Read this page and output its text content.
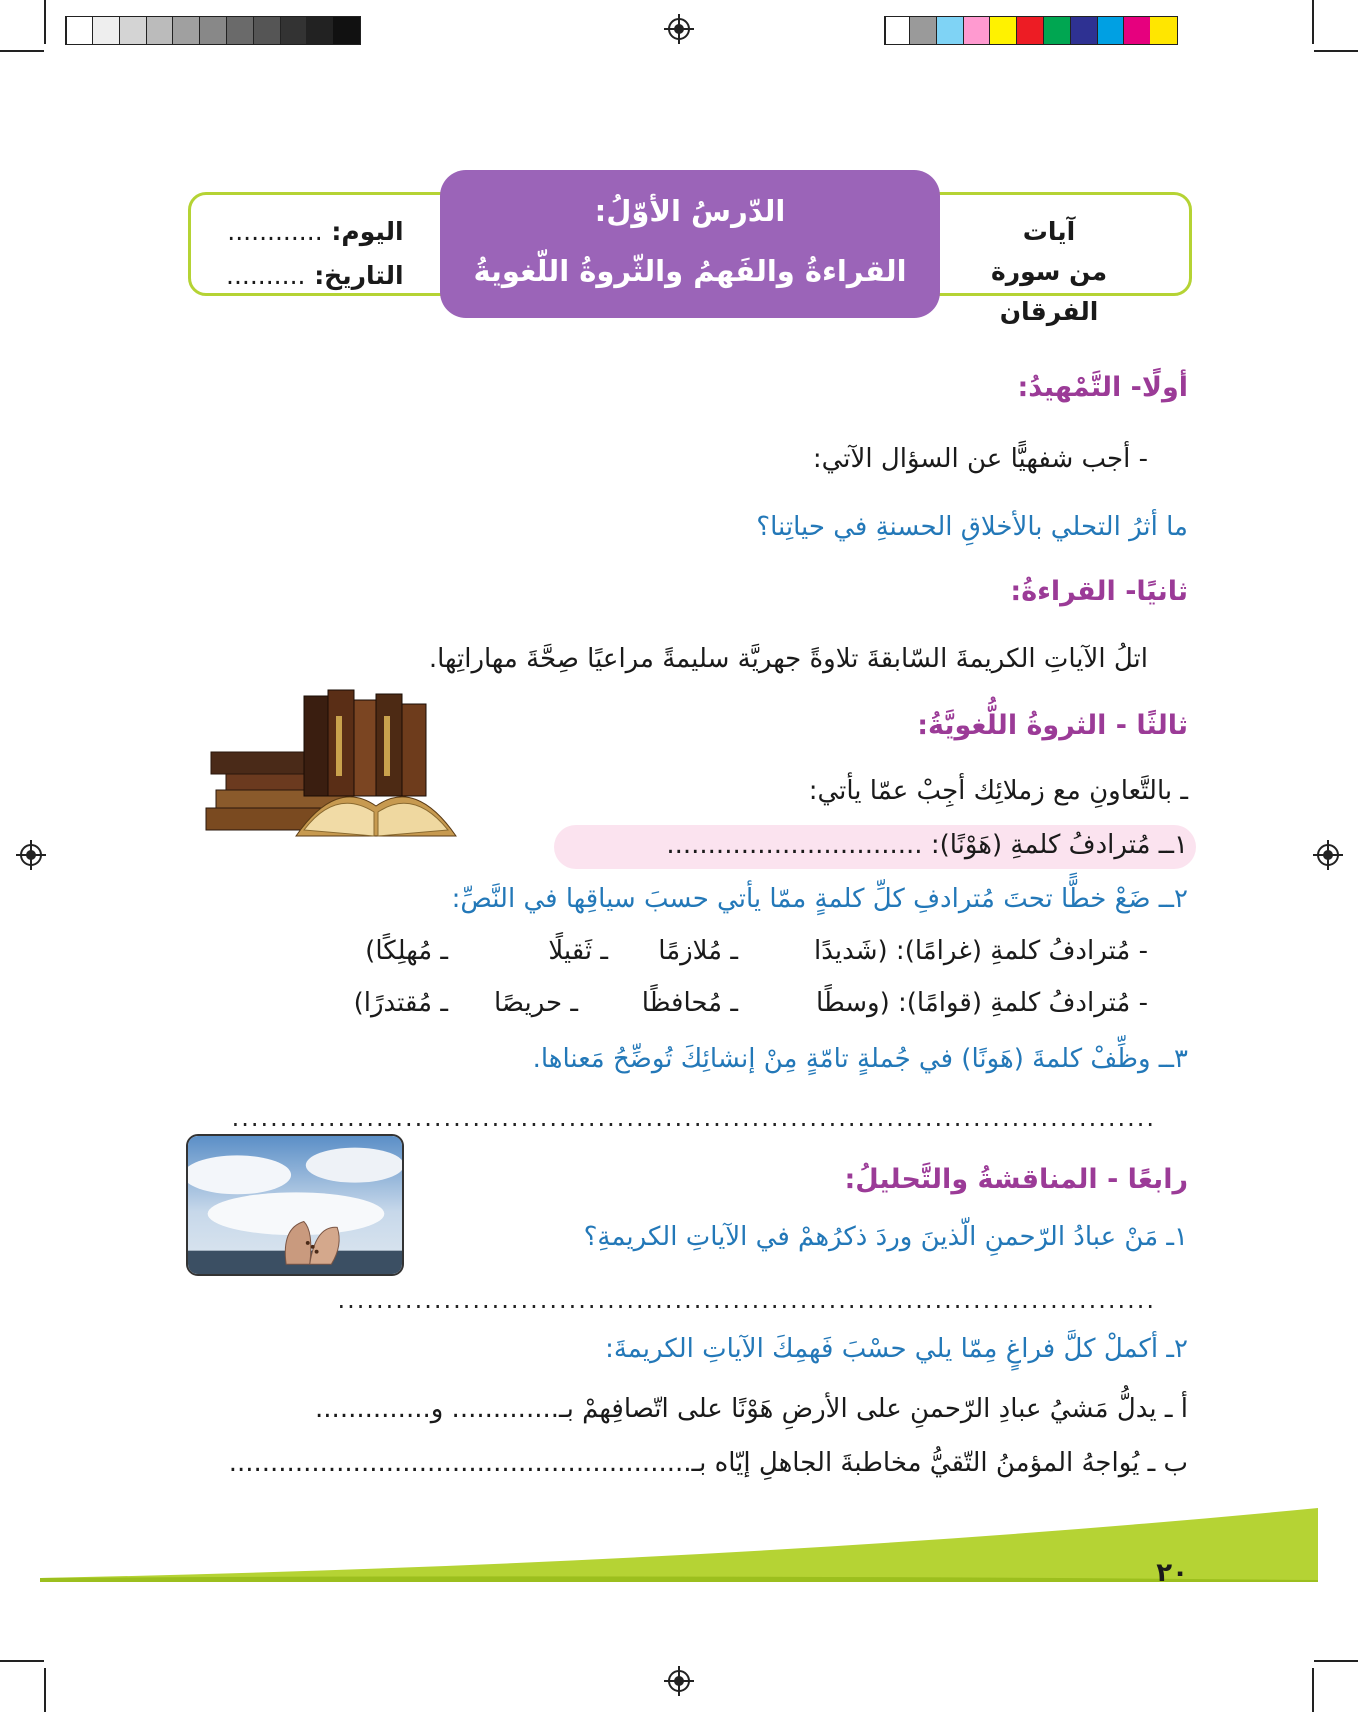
آيات
من سورة الفرقان
الدّرسُ الأوّلُ:
القراءةُ والفَهمُ والثّروةُ اللّغويةُ
اليوم: ............
التاريخ: ..........
أولًا- التَّمْهيدُ:
- أجب شفهيًّا عن السؤال الآتي:
ما أثرُ التحلي بالأخلاقِ الحسنةِ في حياتِنا؟
ثانيًا- القراءةُ:
اتلُ الآياتِ الكريمةَ السّابقةَ تلاوةً جهريَّة سليمةً مراعيًا صِحَّةَ مهاراتِها.
ثالثًا - الثروةُ اللُّغويَّةُ:
ـ بالتَّعاونِ مع زملائِك أجِبْ عمّا يأتي:
١ــ مُترادفُ كلمةِ (هَوْنًا): ...............................
٢ــ ضَعْ خطًّا تحتَ مُترادفِ كلِّ كلمةٍ ممّا يأتي حسبَ سياقِها في النَّصِّ:
- مُترادفُ كلمةِ (غرامًا): (شَديدًا
ـ مُلازمًا
ـ ثَقيلًا
ـ مُهلِكًا)
- مُترادفُ كلمةِ (قوامًا): (وسطًا
ـ مُحافظًا
ـ حريصًا
ـ مُقتدرًا)
٣ــ وظِّفْ كلمةَ (هَونًا) في جُملةٍ تامّةٍ مِنْ إنشائِكَ تُوضِّحُ مَعناها.
................................................................................................
رابعًا - المناقشةُ والتَّحليلُ:
١ـ مَنْ عبادُ الرّحمنِ الّذينَ وردَ ذكرُهمْ في الآياتِ الكريمةِ؟
.....................................................................................
٢ـ أكملْ كلَّ فراغٍ مِمّا يلي حسْبَ فَهمِكَ الآياتِ الكريمةَ:
أ ـ يدلُّ مَشيُ عبادِ الرّحمنِ على الأرضِ هَوْنًا على اتّصافِهمْ بـ............. و..............
ب ـ يُواجهُ المؤمنُ التّقيُّ مخاطبةَ الجاهلِ إيّاه بـ........................................................
٢٠
